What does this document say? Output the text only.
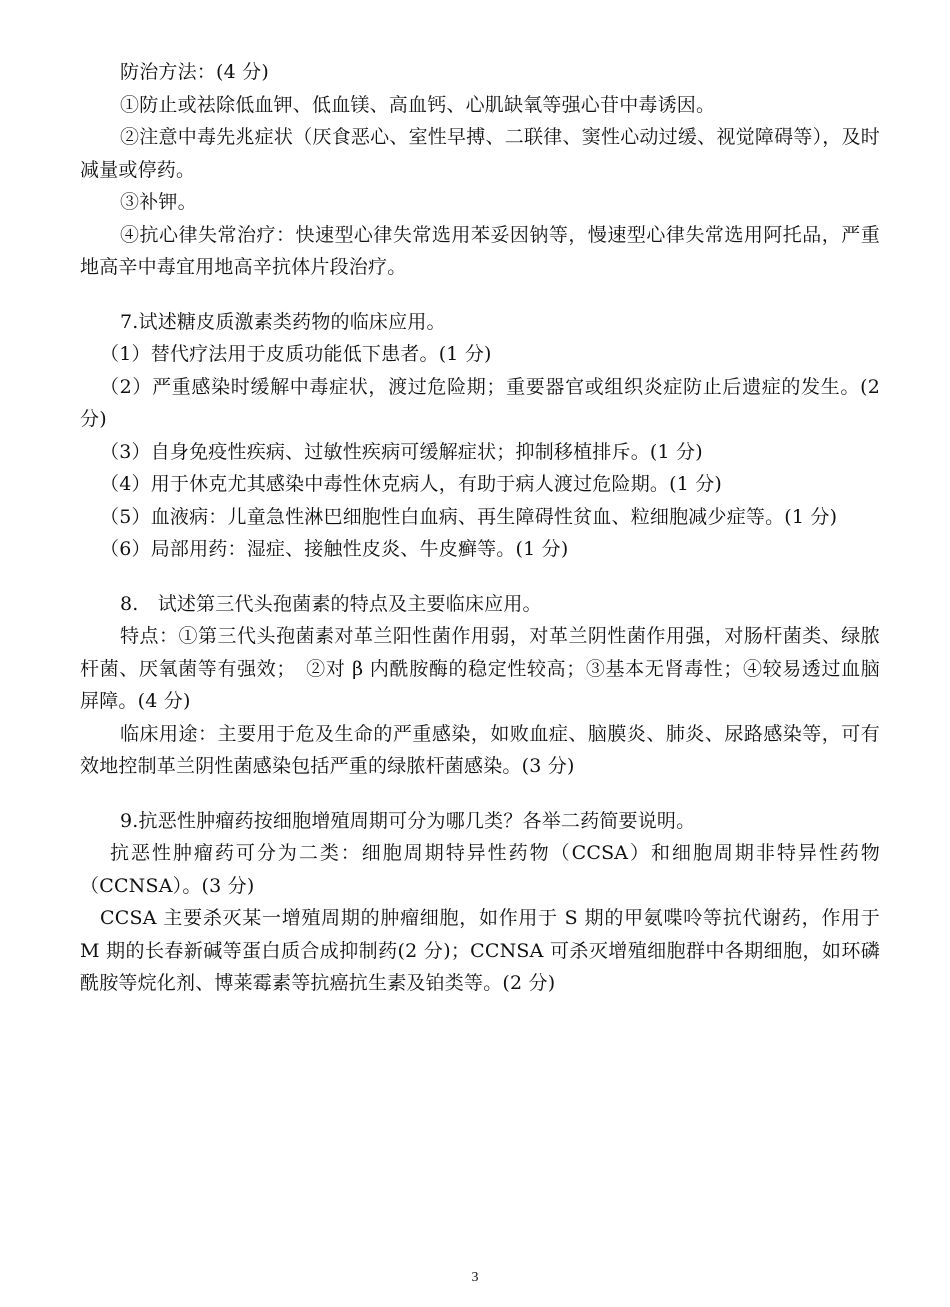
防治方法：(4 分)

①防止或祛除低血钾、低血镁、高血钙、心肌缺氧等强心苷中毒诱因。

②注意中毒先兆症状（厌食恶心、室性早搏、二联律、窦性心动过缓、视觉障碍等），及时减量或停药。

③补钾。

④抗心律失常治疗：快速型心律失常选用苯妥因钠等，慢速型心律失常选用阿托品，严重地高辛中毒宜用地高辛抗体片段治疗。

7.试述糖皮质激素类药物的临床应用。

（1）替代疗法用于皮质功能低下患者。(1 分)

（2）严重感染时缓解中毒症状，渡过危险期；重要器官或组织炎症防止后遗症的发生。(2 分)

（3）自身免疫性疾病、过敏性疾病可缓解症状；抑制移植排斥。(1 分)

（4）用于休克尤其感染中毒性休克病人，有助于病人渡过危险期。(1 分)

（5）血液病：儿童急性淋巴细胞性白血病、再生障碍性贫血、粒细胞减少症等。(1 分)

（6）局部用药：湿症、接触性皮炎、牛皮癣等。(1 分)

8.　试述第三代头孢菌素的特点及主要临床应用。

特点：①第三代头孢菌素对革兰阳性菌作用弱，对革兰阴性菌作用强，对肠杆菌类、绿脓杆菌、厌氧菌等有强效；　②对 β 内酰胺酶的稳定性较高；③基本无肾毒性；④较易透过血脑屏障。(4 分)

临床用途：主要用于危及生命的严重感染，如败血症、脑膜炎、肺炎、尿路感染等，可有效地控制革兰阴性菌感染包括严重的绿脓杆菌感染。(3 分)

9.抗恶性肿瘤药按细胞增殖周期可分为哪几类？各举二药简要说明。

抗恶性肿瘤药可分为二类：细胞周期特异性药物（CCSA）和细胞周期非特异性药物（CCNSA）。(3 分)

CCSA 主要杀灭某一增殖周期的肿瘤细胞，如作用于 S 期的甲氨喋呤等抗代谢药，作用于 M 期的长春新碱等蛋白质合成抑制药(2 分)；CCNSA 可杀灭增殖细胞群中各期细胞，如环磷酰胺等烷化剂、博莱霉素等抗癌抗生素及铂类等。(2 分)

3
